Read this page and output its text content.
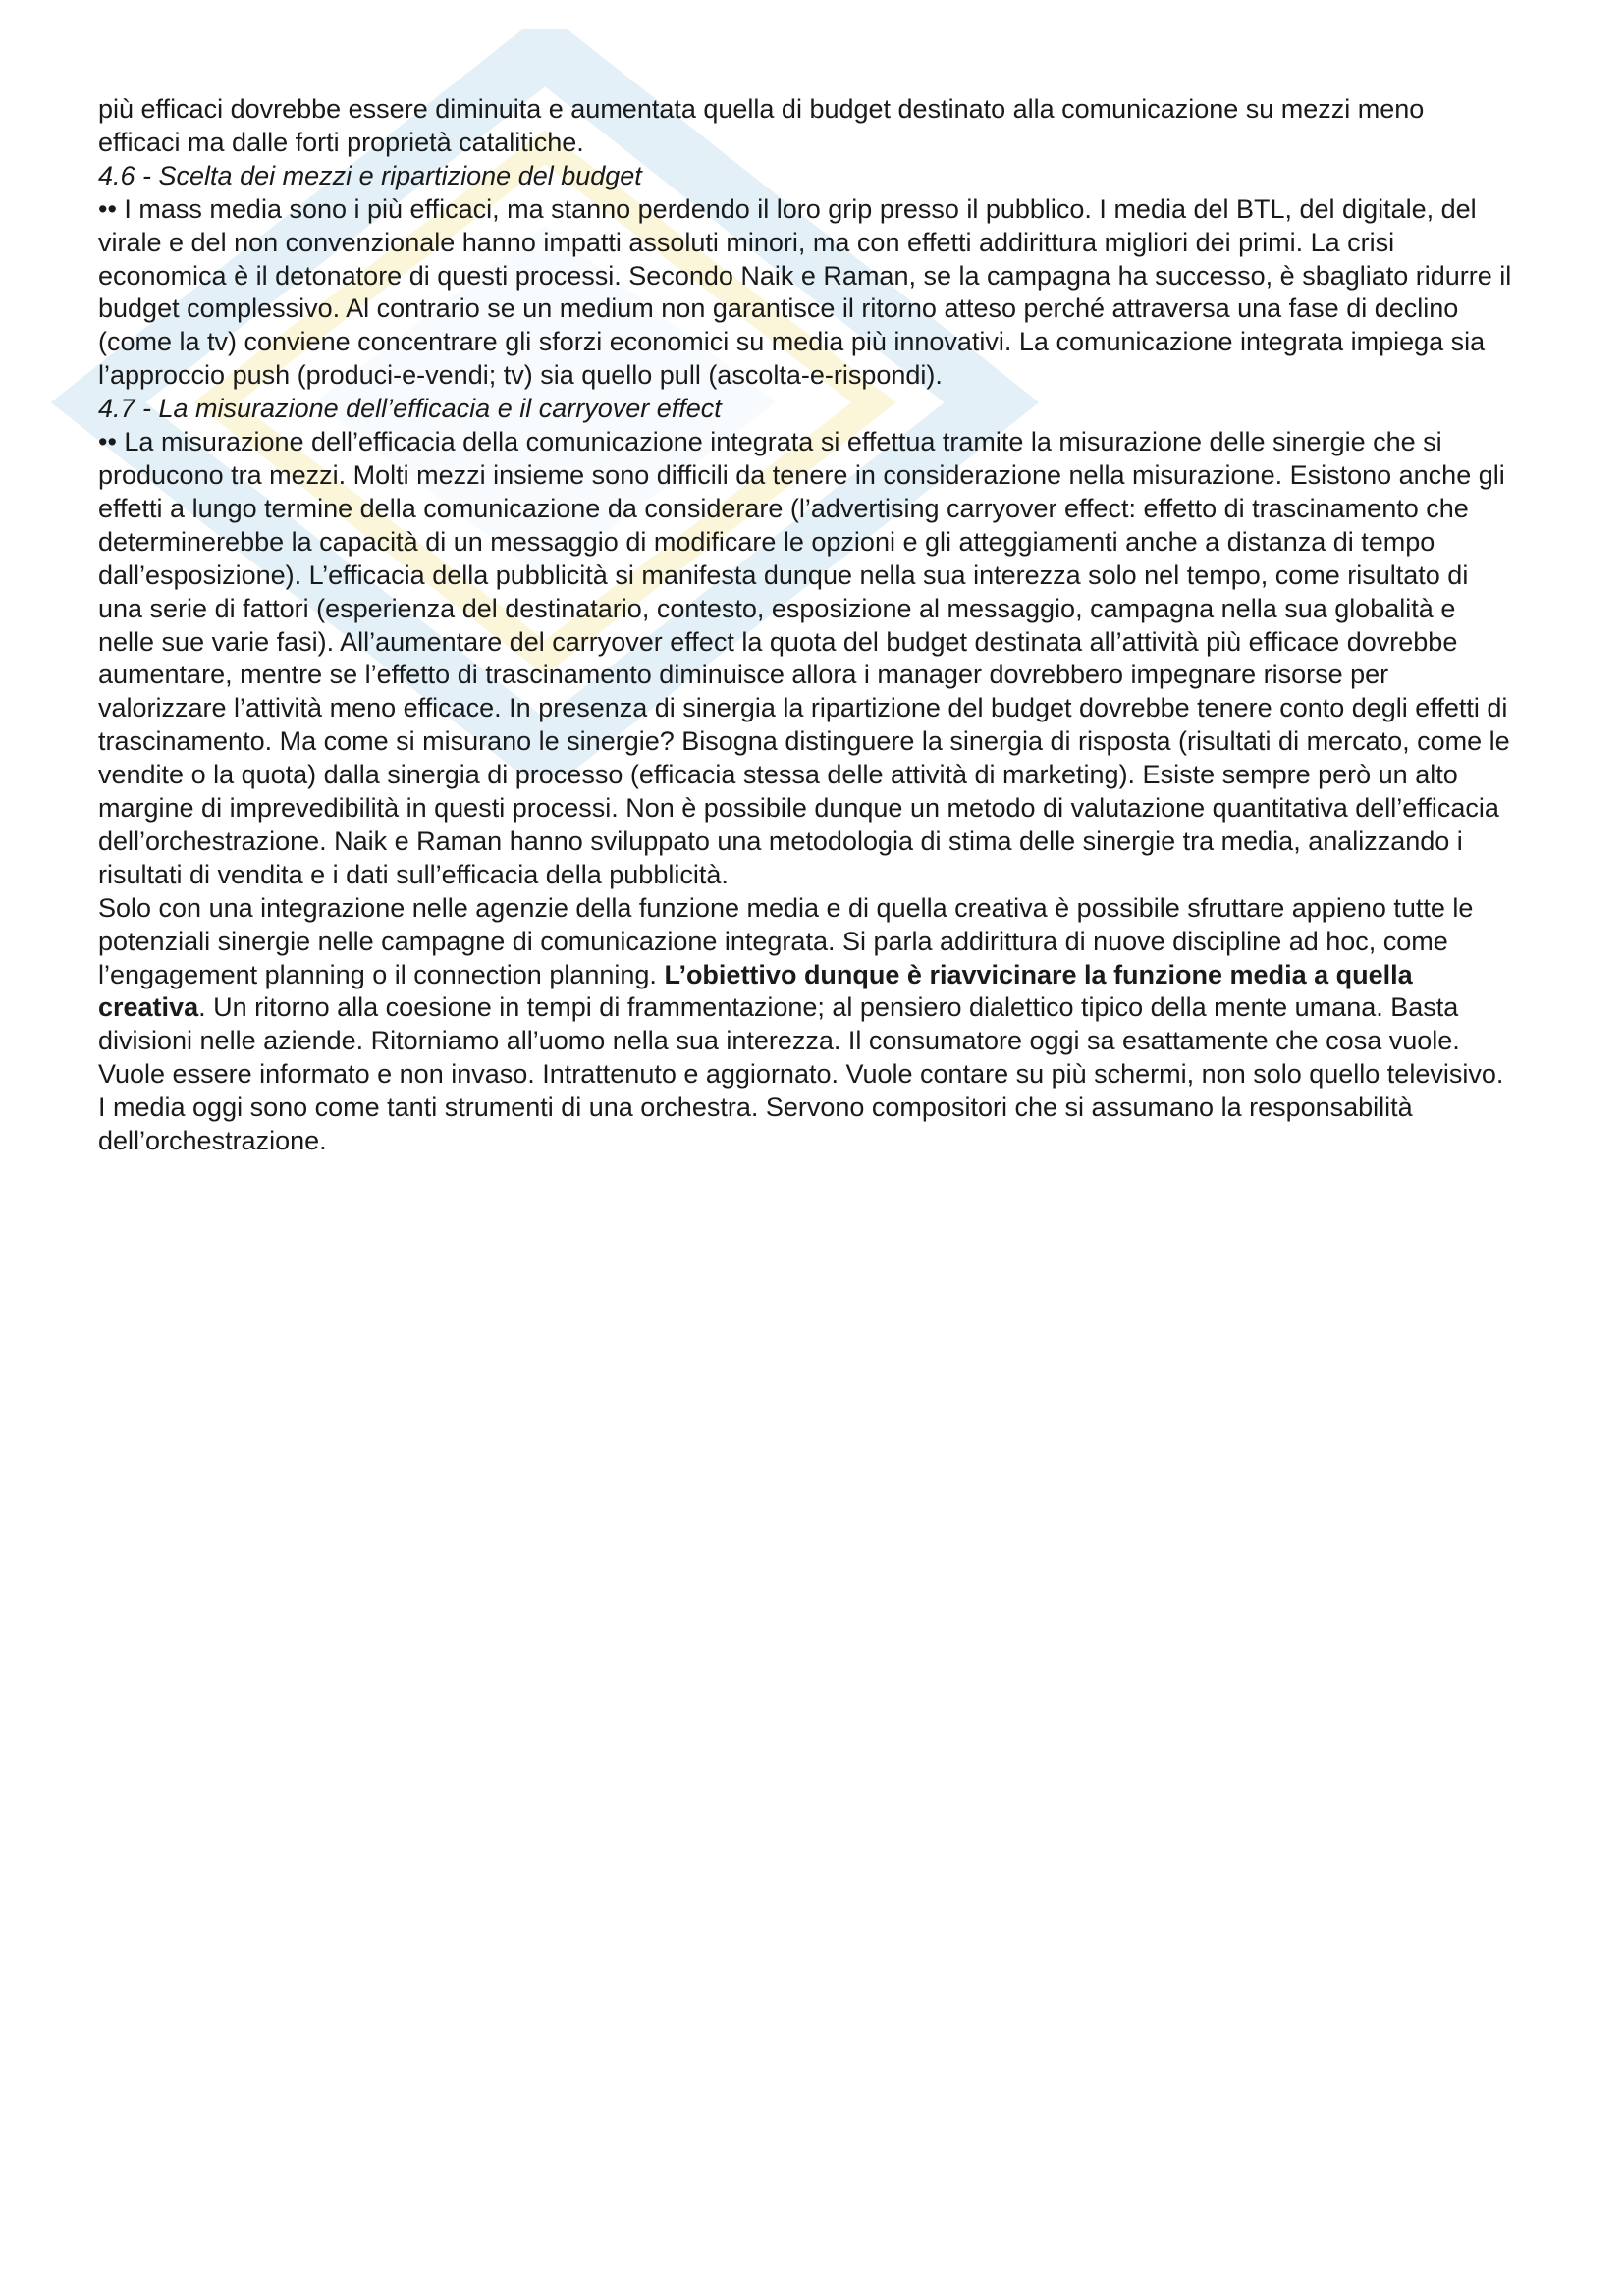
più efficaci dovrebbe essere diminuita e aumentata quella di budget destinato alla comunicazione su mezzi meno efficaci ma dalle forti proprietà catalitiche.

4.6 - Scelta dei mezzi e ripartizione del budget

•• I mass media sono i più efficaci, ma stanno perdendo il loro grip presso il pubblico. I media del BTL, del digitale, del virale e del non convenzionale hanno impatti assoluti minori, ma con effetti addirittura migliori dei primi. La crisi economica è il detonatore di questi processi. Secondo Naik e Raman, se la campagna ha successo, è sbagliato ridurre il budget complessivo. Al contrario se un medium non garantisce il ritorno atteso perché attraversa una fase di declino (come la tv) conviene concentrare gli sforzi economici su media più innovativi. La comunicazione integrata impiega sia l’approccio push (produci-e-vendi; tv) sia quello pull (ascolta-e-rispondi).

4.7 - La misurazione dell’efficacia e il carryover effect

•• La misurazione dell’efficacia della comunicazione integrata si effettua tramite la misurazione delle sinergie che si producono tra mezzi. Molti mezzi insieme sono difficili da tenere in considerazione nella misurazione. Esistono anche gli effetti a lungo termine della comunicazione da considerare (l’advertising carryover effect: effetto di trascinamento che determinerebbe la capacità di un messaggio di modificare le opzioni e gli atteggiamenti anche a distanza di tempo dall’esposizione). L’efficacia della pubblicità si manifesta dunque nella sua interezza solo nel tempo, come risultato di una serie di fattori (esperienza del destinatario, contesto, esposizione al messaggio, campagna nella sua globalità e nelle sue varie fasi). All’aumentare del carryover effect la quota del budget destinata all’attività più efficace dovrebbe aumentare, mentre se l’effetto di trascinamento diminuisce allora i manager dovrebbero impegnare risorse per valorizzare l’attività meno efficace. In presenza di sinergia la ripartizione del budget dovrebbe tenere conto degli effetti di trascinamento. Ma come si misurano le sinergie? Bisogna distinguere la sinergia di risposta (risultati di mercato, come le vendite o la quota) dalla sinergia di processo (efficacia stessa delle attività di marketing). Esiste sempre però un alto margine di imprevedibilità in questi processi. Non è possibile dunque un metodo di valutazione quantitativa dell’efficacia dell’orchestrazione. Naik e Raman hanno sviluppato una metodologia di stima delle sinergie tra media, analizzando i risultati di vendita e i dati sull’efficacia della pubblicità.

Solo con una integrazione nelle agenzie della funzione media e di quella creativa è possibile sfruttare appieno tutte le potenziali sinergie nelle campagne di comunicazione integrata. Si parla addirittura di nuove discipline ad hoc, come l’engagement planning o il connection planning. L’obiettivo dunque è riavvicinare la funzione media a quella creativa. Un ritorno alla coesione in tempi di frammentazione; al pensiero dialettico tipico della mente umana. Basta divisioni nelle aziende. Ritorniamo all’uomo nella sua interezza. Il consumatore oggi sa esattamente che cosa vuole. Vuole essere informato e non invaso. Intrattenuto e aggiornato. Vuole contare su più schermi, non solo quello televisivo. I media oggi sono come tanti strumenti di una orchestra. Servono compositori che si assumano la responsabilità dell’orchestrazione.
